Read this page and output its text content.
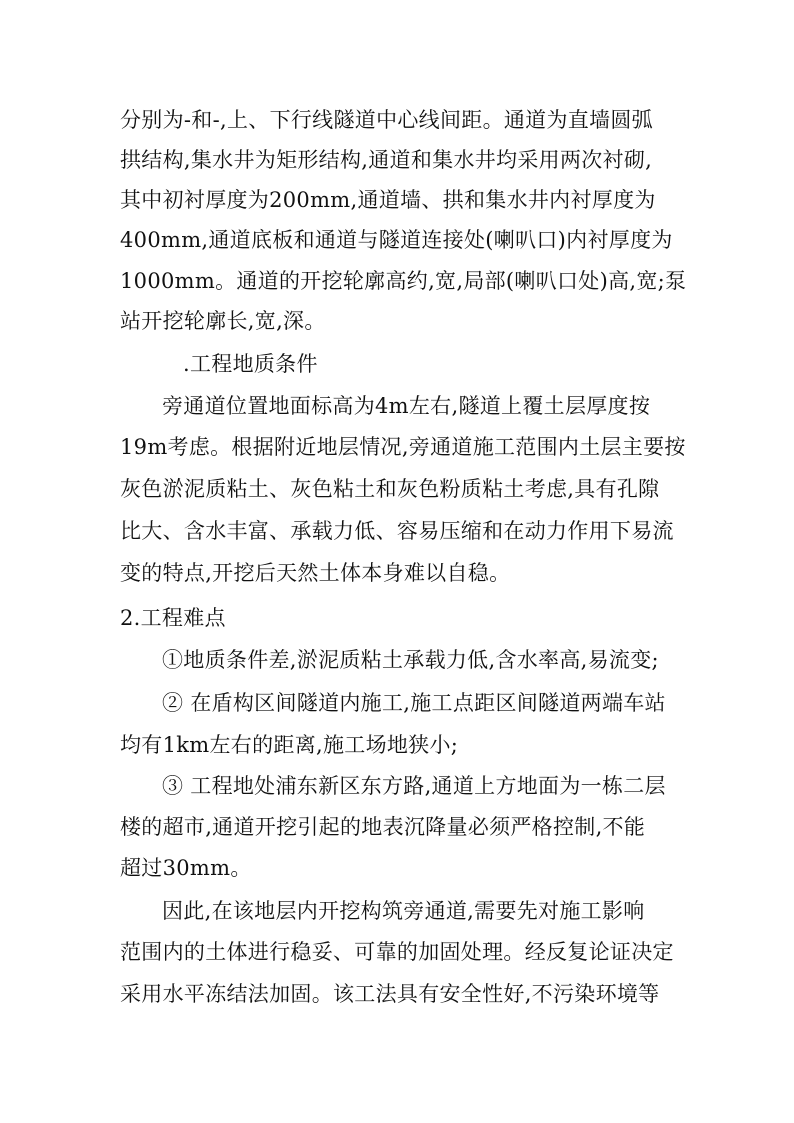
分别为-和-,上、下行线隧道中心线间距。通道为直墙圆弧
拱结构,集水井为矩形结构,通道和集水井均采用两次衬砌,
其中初衬厚度为200mm,通道墙、拱和集水井内衬厚度为
400mm,通道底板和通道与隧道连接处(喇叭口)内衬厚度为
1000mm。通道的开挖轮廓高约,宽,局部(喇叭口处)高,宽;泵
站开挖轮廓长,宽,深。
.工程地质条件
旁通道位置地面标高为4m左右,隧道上覆土层厚度按
19m考虑。根据附近地层情况,旁通道施工范围内土层主要按
灰色淤泥质粘土、灰色粘土和灰色粉质粘土考虑,具有孔隙
比大、含水丰富、承载力低、容易压缩和在动力作用下易流
变的特点,开挖后天然土体本身难以自稳。
2.工程难点
①地质条件差,淤泥质粘土承载力低,含水率高,易流变;
② 在盾构区间隧道内施工,施工点距区间隧道两端车站
均有1km左右的距离,施工场地狭小;
③ 工程地处浦东新区东方路,通道上方地面为一栋二层
楼的超市,通道开挖引起的地表沉降量必须严格控制,不能
超过30mm。
因此,在该地层内开挖构筑旁通道,需要先对施工影响
范围内的土体进行稳妥、可靠的加固处理。经反复论证决定
采用水平冻结法加固。该工法具有安全性好,不污染环境等
